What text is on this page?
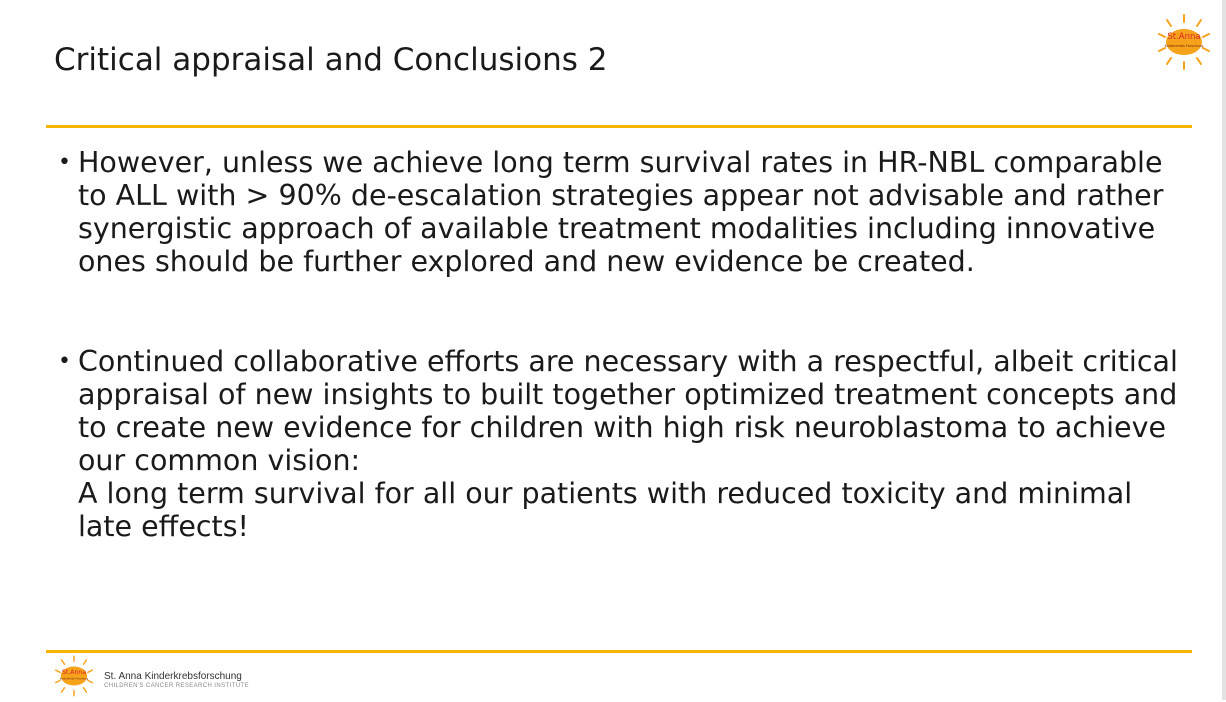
Critical appraisal and Conclusions 2
St.Anna
Kinderkrebs Forschung
• However, unless we achieve long term survival rates in HR-NBL comparable to ALL with > 90% de-escalation strategies appear not advisable and rather synergistic approach of available treatment modalities including innovative ones should be further explored and new evidence be created.
• Continued collaborative efforts are necessary with a respectful, albeit critical appraisal of new insights to built together optimized treatment concepts and to create new evidence for children with high risk neuroblastoma to achieve our common vision:
A long term survival for all our patients with reduced toxicity and minimal late effects!
St.Anna
Kinderkrebs Forschung St. Anna Kinderkrebsforschung
CHILDREN'S CANCER RESEARCH INSTITUTE
